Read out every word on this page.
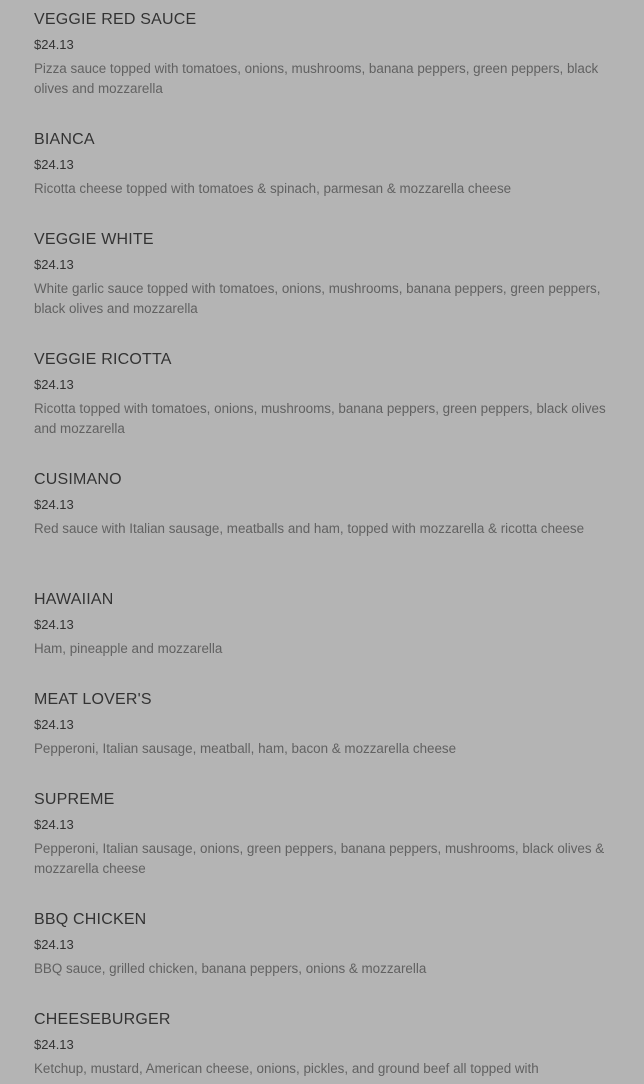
VEGGIE RED SAUCE
$24.13
Pizza sauce topped with tomatoes, onions, mushrooms, banana peppers, green peppers, black olives and mozzarella
BIANCA
$24.13
Ricotta cheese topped with tomatoes & spinach, parmesan & mozzarella cheese
VEGGIE WHITE
$24.13
White garlic sauce topped with tomatoes, onions, mushrooms, banana peppers, green peppers, black olives and mozzarella
VEGGIE RICOTTA
$24.13
Ricotta topped with tomatoes, onions, mushrooms, banana peppers, green peppers, black olives and mozzarella
CUSIMANO
$24.13
Red sauce with Italian sausage, meatballs and ham, topped with mozzarella & ricotta cheese
HAWAIIAN
$24.13
Ham, pineapple and mozzarella
MEAT LOVER'S
$24.13
Pepperoni, Italian sausage, meatball, ham, bacon & mozzarella cheese
SUPREME
$24.13
Pepperoni, Italian sausage, onions, green peppers, banana peppers, mushrooms, black olives & mozzarella cheese
BBQ CHICKEN
$24.13
BBQ sauce, grilled chicken, banana peppers, onions & mozzarella
CHEESEBURGER
$24.13
Ketchup, mustard, American cheese, onions, pickles, and ground beef all topped with
